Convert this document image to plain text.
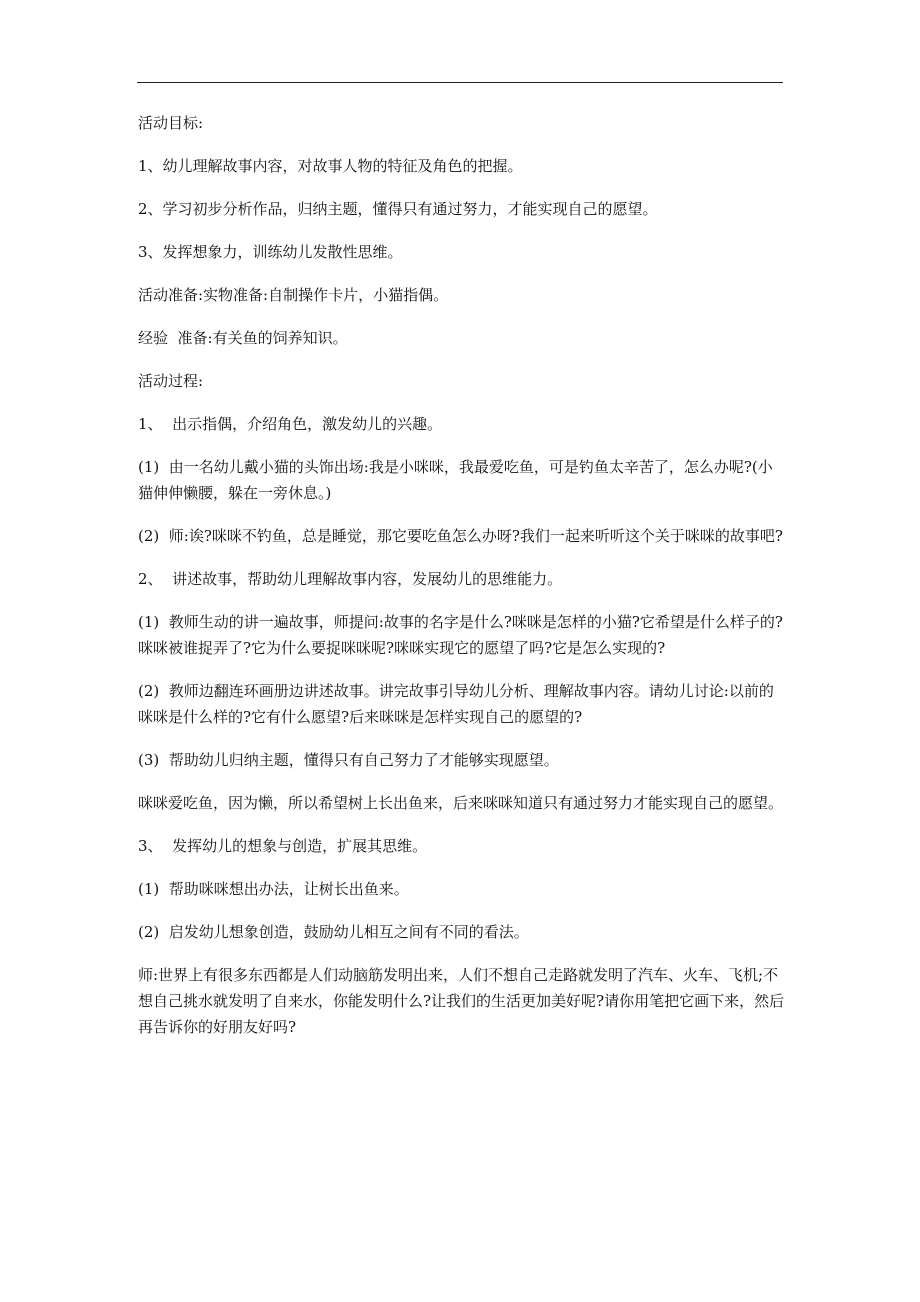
活动目标:

1、幼儿理解故事内容，对故事人物的特征及角色的把握。

2、学习初步分析作品，归纳主题，懂得只有通过努力，才能实现自己的愿望。

3、发挥想象力，训练幼儿发散性思维。

活动准备:实物准备:自制操作卡片，小猫指偶。

经验  准备:有关鱼的饲养知识。

活动过程:

1、  出示指偶，介绍角色，激发幼儿的兴趣。

(1)  由一名幼儿戴小猫的头饰出场:我是小咪咪，我最爱吃鱼，可是钓鱼太辛苦了，怎么办呢?(小猫伸伸懒腰，躲在一旁休息。)

(2)  师:诶?咪咪不钓鱼，总是睡觉，那它要吃鱼怎么办呀?我们一起来听听这个关于咪咪的故事吧?

2、  讲述故事，帮助幼儿理解故事内容，发展幼儿的思维能力。

(1)  教师生动的讲一遍故事，师提问:故事的名字是什么?咪咪是怎样的小猫?它希望是什么样子的?咪咪被谁捉弄了?它为什么要捉咪咪呢?咪咪实现它的愿望了吗?它是怎么实现的?

(2)  教师边翻连环画册边讲述故事。讲完故事引导幼儿分析、理解故事内容。请幼儿讨论:以前的咪咪是什么样的?它有什么愿望?后来咪咪是怎样实现自己的愿望的?

(3)  帮助幼儿归纳主题，懂得只有自己努力了才能够实现愿望。

咪咪爱吃鱼，因为懒，所以希望树上长出鱼来，后来咪咪知道只有通过努力才能实现自己的愿望。

3、  发挥幼儿的想象与创造，扩展其思维。

(1)  帮助咪咪想出办法，让树长出鱼来。

(2)  启发幼儿想象创造，鼓励幼儿相互之间有不同的看法。

师:世界上有很多东西都是人们动脑筋发明出来，人们不想自己走路就发明了汽车、火车、飞机;不想自己挑水就发明了自来水，你能发明什么?让我们的生活更加美好呢?请你用笔把它画下来，然后再告诉你的好朋友好吗?
